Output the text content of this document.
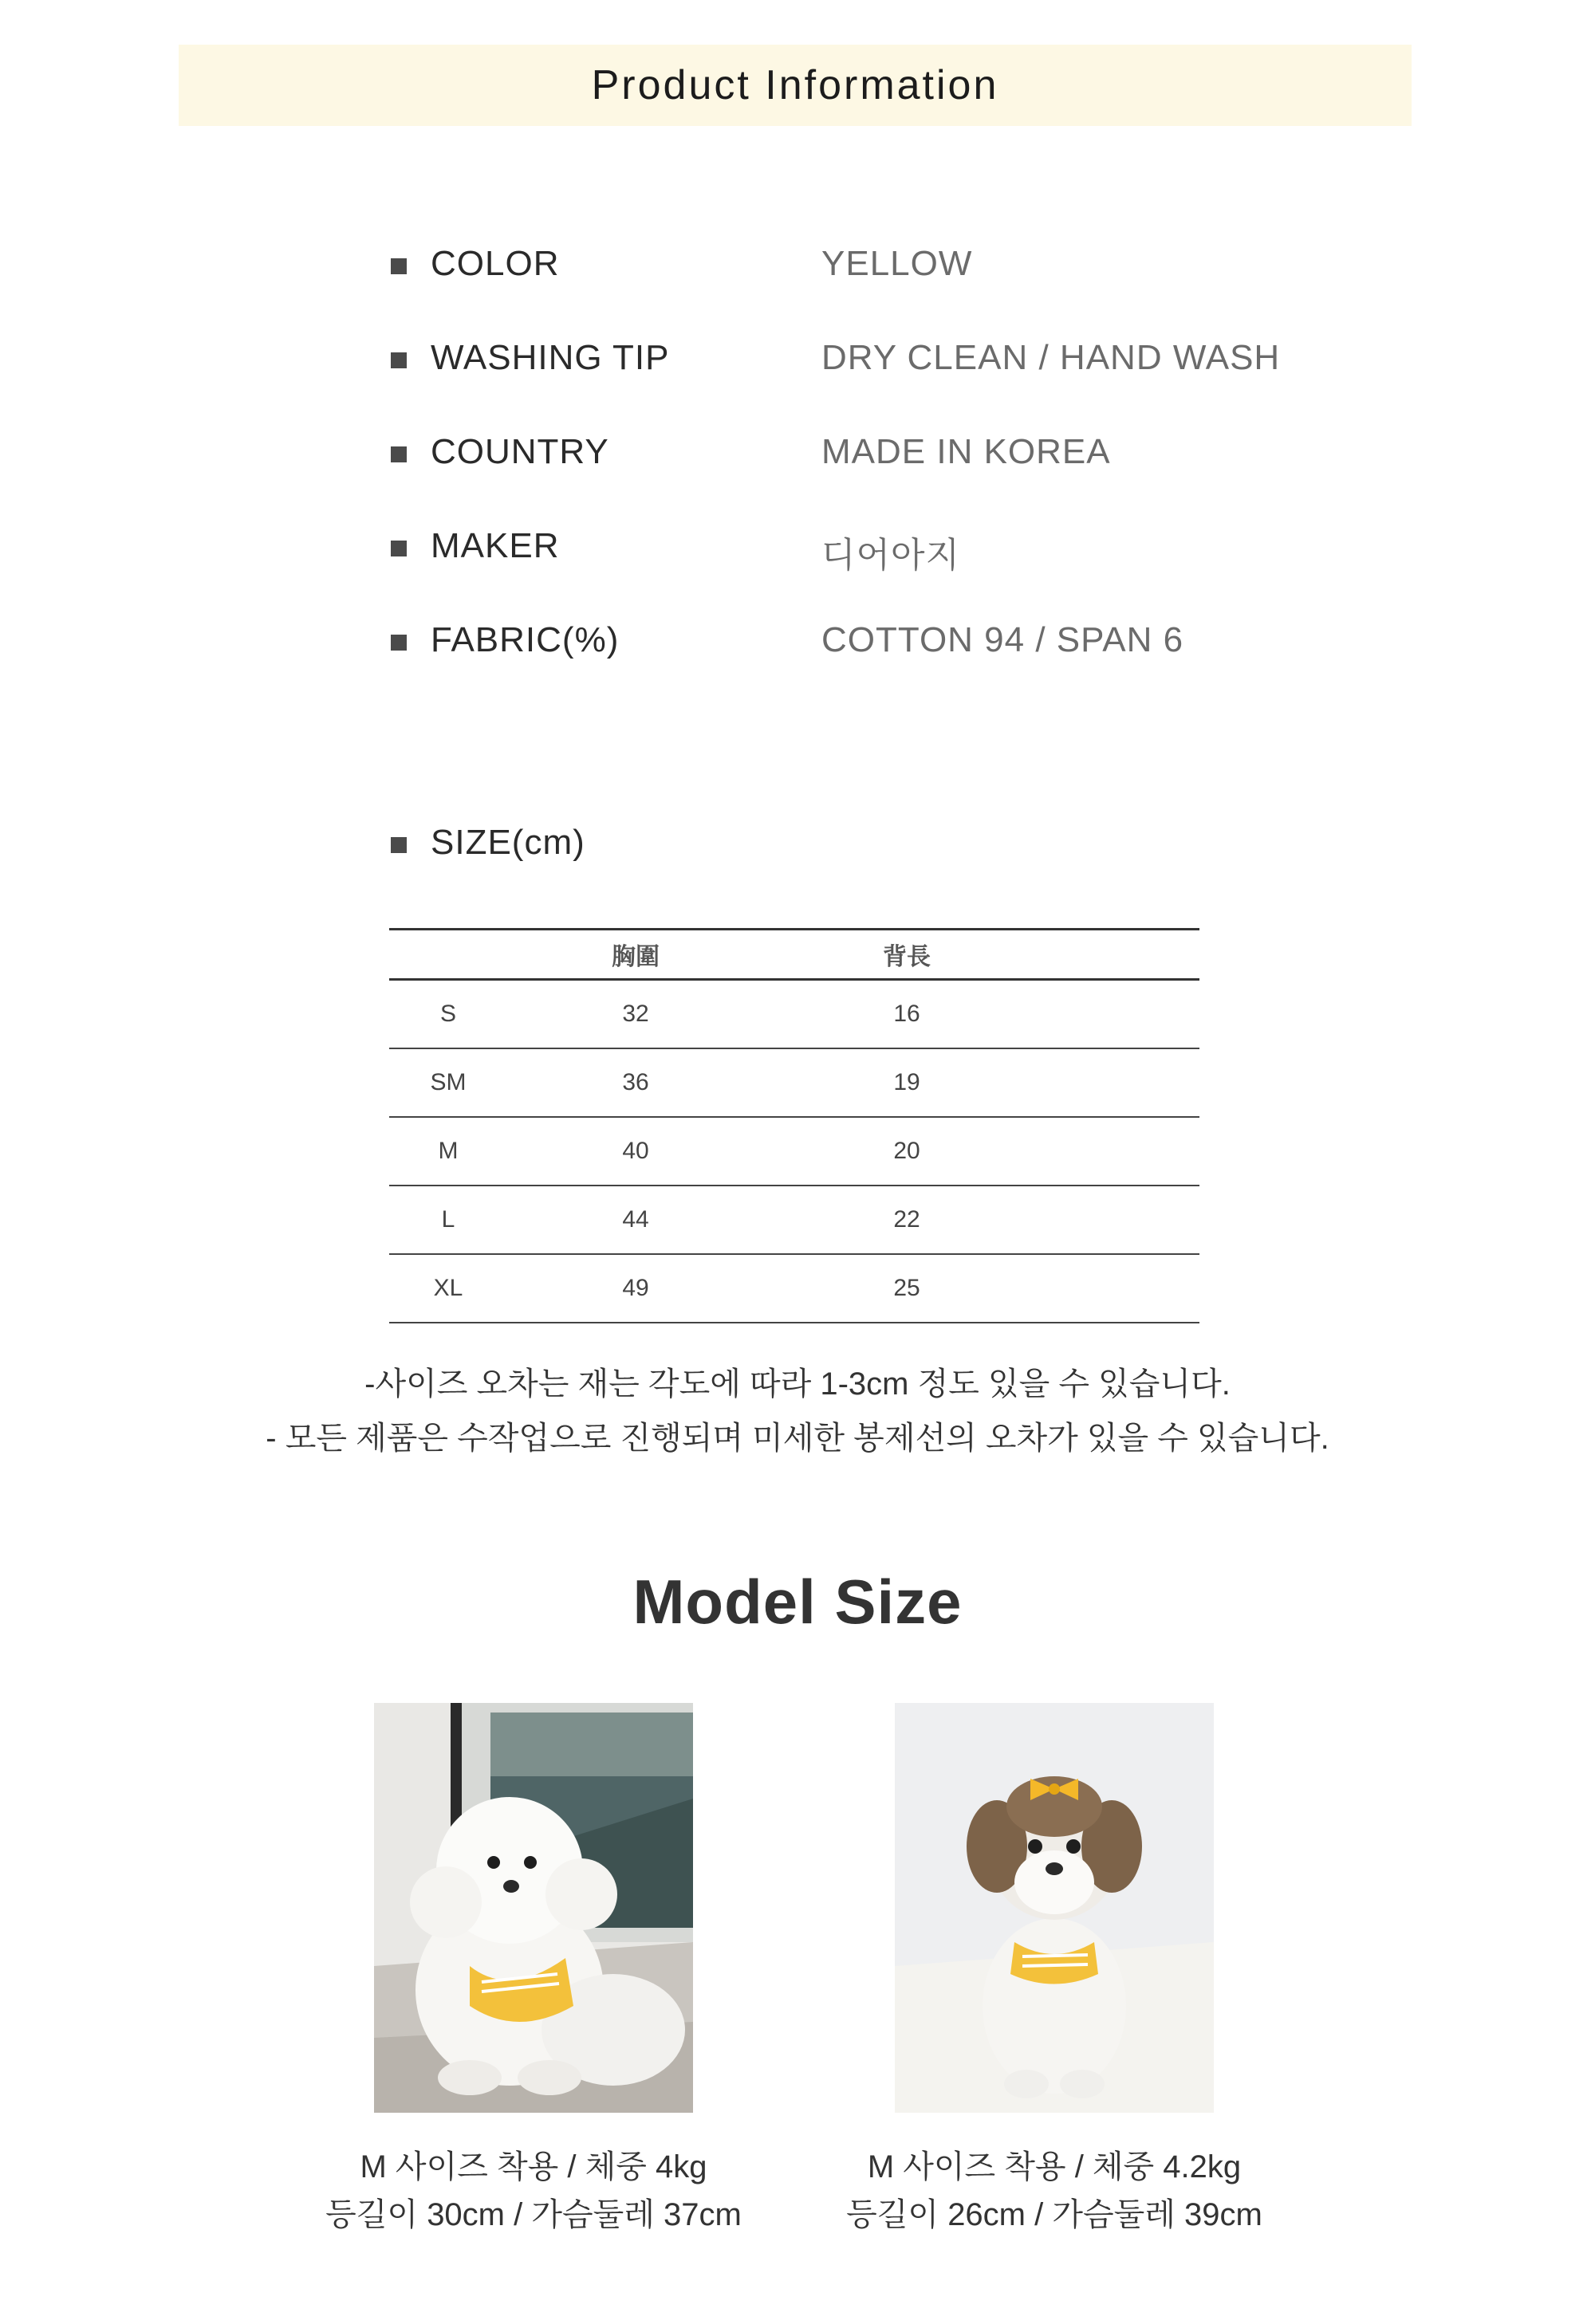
Product Information
COLOR	YELLOW
WASHING TIP	DRY CLEAN / HAND WASH
COUNTRY	MADE IN KOREA
MAKER	디어아지
FABRIC(%)	COTTON 94 / SPAN 6
SIZE(cm)
	胸圍	背長	
S	32	16	
SM	36	19	
M	40	20	
L	44	22	
XL	49	25	
-사이즈 오차는 재는 각도에 따라 1-3cm 정도 있을 수 있습니다.
- 모든 제품은 수작업으로 진행되며 미세한 봉제선의 오차가 있을 수 있습니다.
Model Size
M 사이즈 착용 / 체중 4kg
등길이 30cm / 가슴둘레 37cm
M 사이즈 착용 / 체중 4.2kg
등길이 26cm / 가슴둘레 39cm
